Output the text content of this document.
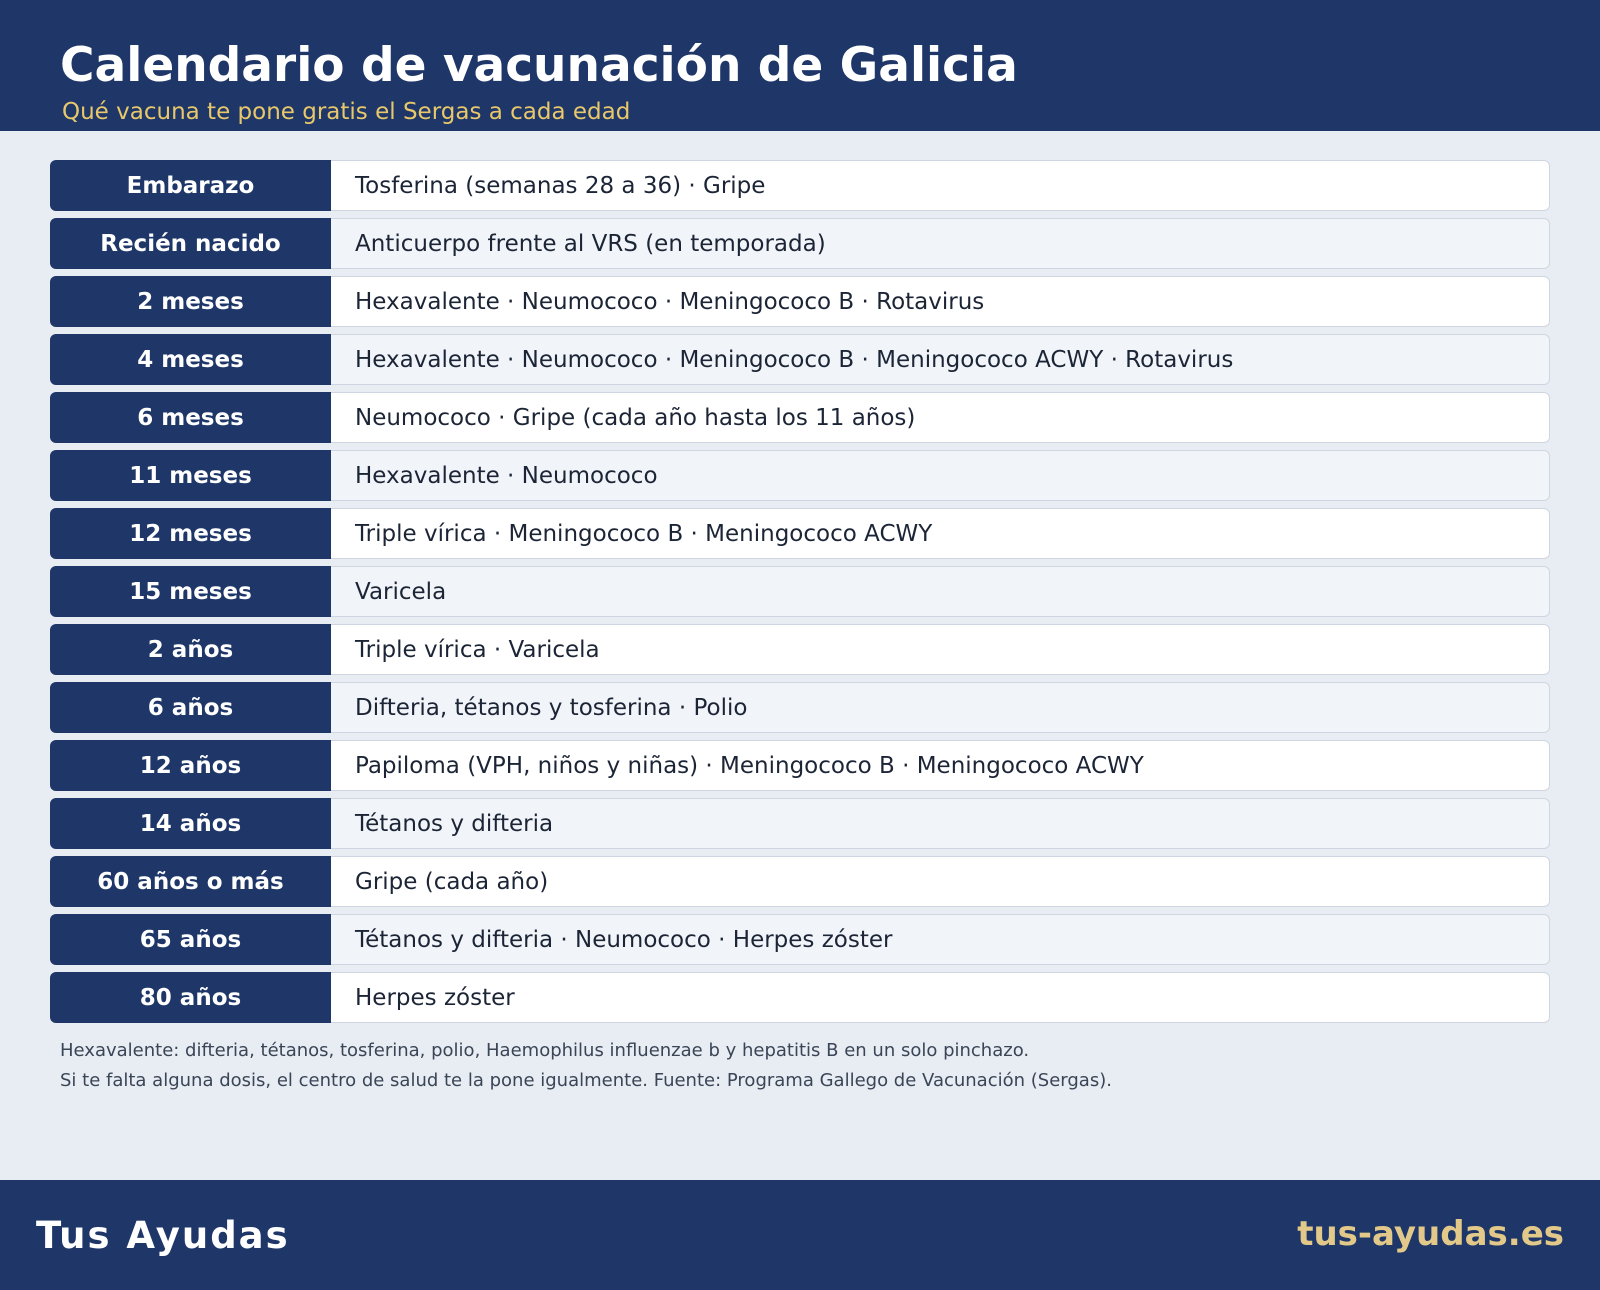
Calendario de vacunación de Galicia
Qué vacuna te pone gratis el Sergas a cada edad
Embarazo	Tosferina (semanas 28 a 36) · Gripe
Recién nacido	Anticuerpo frente al VRS (en temporada)
2 meses	Hexavalente · Neumococo · Meningococo B · Rotavirus
4 meses	Hexavalente · Neumococo · Meningococo B · Meningococo ACWY · Rotavirus
6 meses	Neumococo · Gripe (cada año hasta los 11 años)
11 meses	Hexavalente · Neumococo
12 meses	Triple vírica · Meningococo B · Meningococo ACWY
15 meses	Varicela
2 años	Triple vírica · Varicela
6 años	Difteria, tétanos y tosferina · Polio
12 años	Papiloma (VPH, niños y niñas) · Meningococo B · Meningococo ACWY
14 años	Tétanos y difteria
60 años o más	Gripe (cada año)
65 años	Tétanos y difteria · Neumococo · Herpes zóster
80 años	Herpes zóster
Hexavalente: difteria, tétanos, tosferina, polio, Haemophilus influenzae b y hepatitis B en un solo pinchazo.
Si te falta alguna dosis, el centro de salud te la pone igualmente. Fuente: Programa Gallego de Vacunación (Sergas).
Tus Ayudas	tus-ayudas.es
